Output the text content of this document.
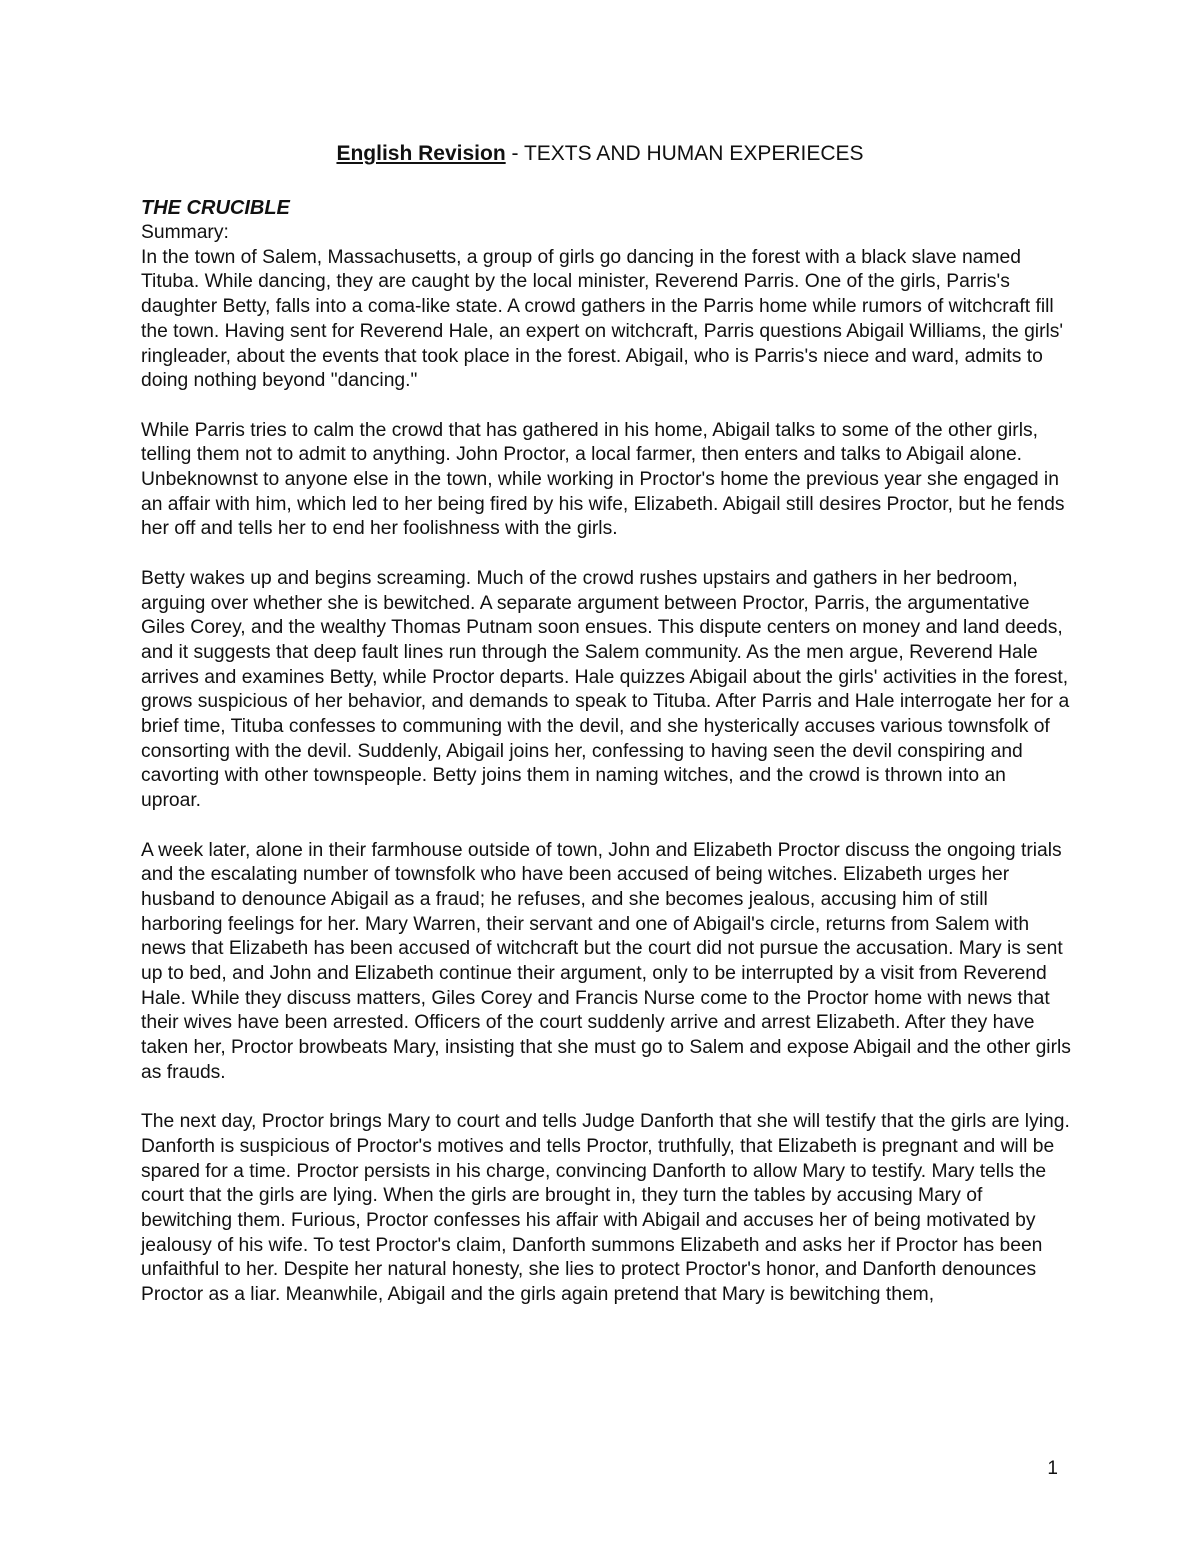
English Revision - TEXTS AND HUMAN EXPERIECES
THE CRUCIBLE
Summary:

In the town of Salem, Massachusetts, a group of girls go dancing in the forest with a black slave named Tituba. While dancing, they are caught by the local minister, Reverend Parris. One of the girls, Parris's daughter Betty, falls into a coma-like state. A crowd gathers in the Parris home while rumors of witchcraft fill the town. Having sent for Reverend Hale, an expert on witchcraft, Parris questions Abigail Williams, the girls' ringleader, about the events that took place in the forest. Abigail, who is Parris's niece and ward, admits to doing nothing beyond "dancing."

While Parris tries to calm the crowd that has gathered in his home, Abigail talks to some of the other girls, telling them not to admit to anything. John Proctor, a local farmer, then enters and talks to Abigail alone. Unbeknownst to anyone else in the town, while working in Proctor's home the previous year she engaged in an affair with him, which led to her being fired by his wife, Elizabeth. Abigail still desires Proctor, but he fends her off and tells her to end her foolishness with the girls.

Betty wakes up and begins screaming. Much of the crowd rushes upstairs and gathers in her bedroom, arguing over whether she is bewitched. A separate argument between Proctor, Parris, the argumentative Giles Corey, and the wealthy Thomas Putnam soon ensues. This dispute centers on money and land deeds, and it suggests that deep fault lines run through the Salem community. As the men argue, Reverend Hale arrives and examines Betty, while Proctor departs. Hale quizzes Abigail about the girls' activities in the forest, grows suspicious of her behavior, and demands to speak to Tituba. After Parris and Hale interrogate her for a brief time, Tituba confesses to communing with the devil, and she hysterically accuses various townsfolk of consorting with the devil. Suddenly, Abigail joins her, confessing to having seen the devil conspiring and cavorting with other townspeople. Betty joins them in naming witches, and the crowd is thrown into an uproar.

A week later, alone in their farmhouse outside of town, John and Elizabeth Proctor discuss the ongoing trials and the escalating number of townsfolk who have been accused of being witches. Elizabeth urges her husband to denounce Abigail as a fraud; he refuses, and she becomes jealous, accusing him of still harboring feelings for her. Mary Warren, their servant and one of Abigail's circle, returns from Salem with news that Elizabeth has been accused of witchcraft but the court did not pursue the accusation. Mary is sent up to bed, and John and Elizabeth continue their argument, only to be interrupted by a visit from Reverend Hale. While they discuss matters, Giles Corey and Francis Nurse come to the Proctor home with news that their wives have been arrested. Officers of the court suddenly arrive and arrest Elizabeth. After they have taken her, Proctor browbeats Mary, insisting that she must go to Salem and expose Abigail and the other girls as frauds.

The next day, Proctor brings Mary to court and tells Judge Danforth that she will testify that the girls are lying. Danforth is suspicious of Proctor's motives and tells Proctor, truthfully, that Elizabeth is pregnant and will be spared for a time. Proctor persists in his charge, convincing Danforth to allow Mary to testify. Mary tells the court that the girls are lying. When the girls are brought in, they turn the tables by accusing Mary of bewitching them. Furious, Proctor confesses his affair with Abigail and accuses her of being motivated by jealousy of his wife. To test Proctor's claim, Danforth summons Elizabeth and asks her if Proctor has been unfaithful to her. Despite her natural honesty, she lies to protect Proctor's honor, and Danforth denounces Proctor as a liar. Meanwhile, Abigail and the girls again pretend that Mary is bewitching them,

1
